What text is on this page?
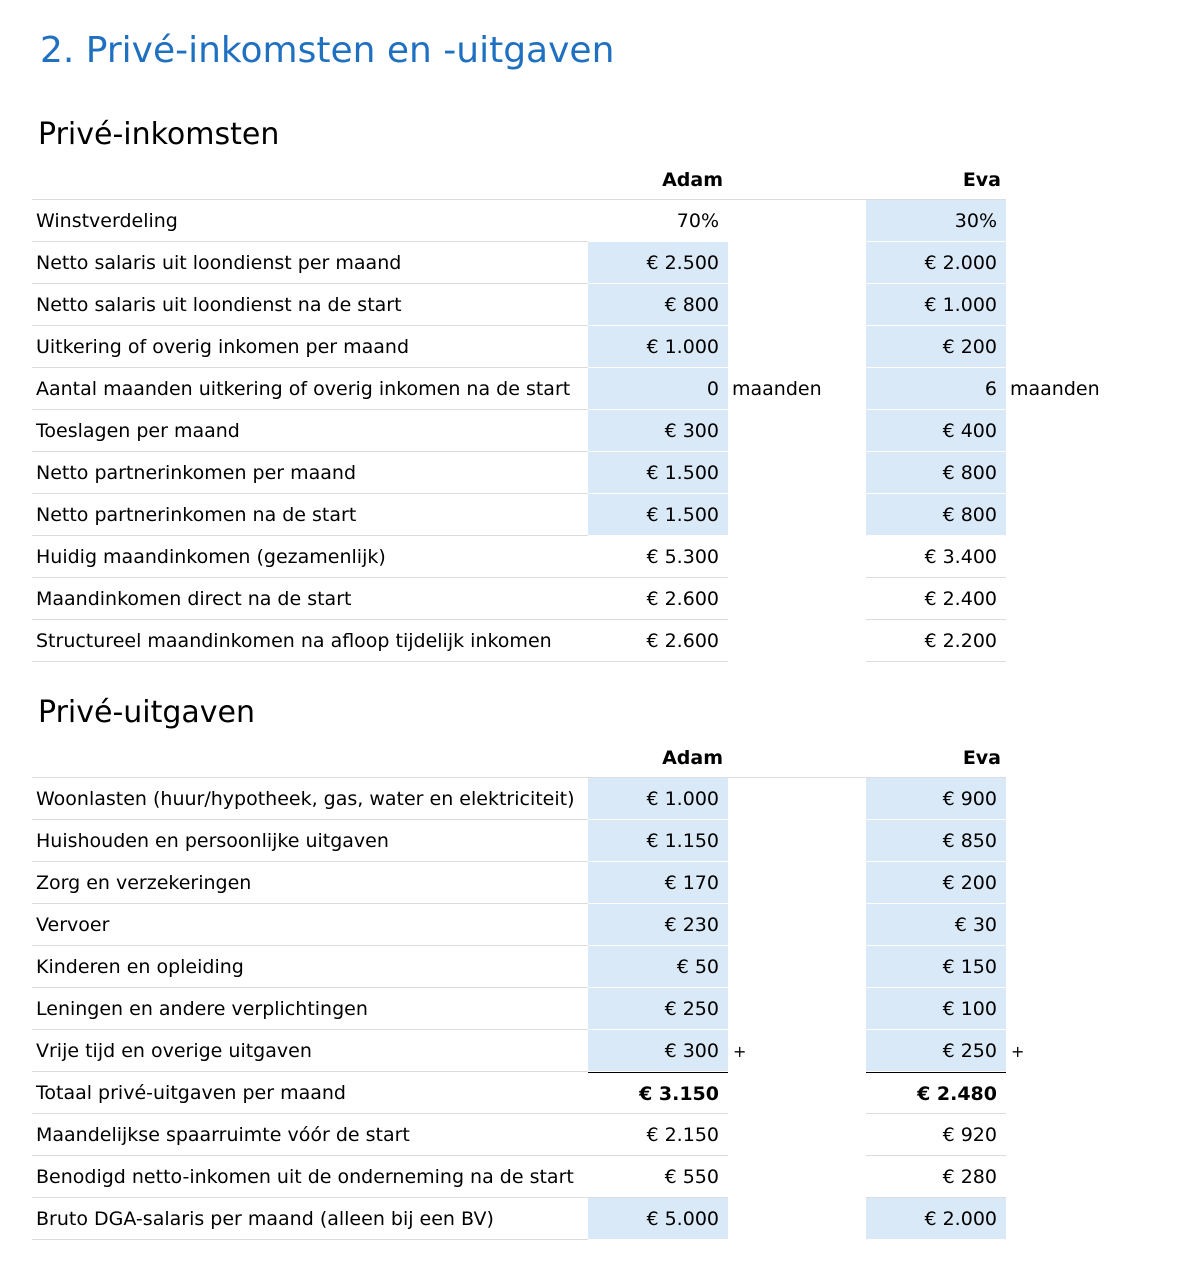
2. Privé-inkomsten en -uitgaven
Privé-inkomsten
Adam	Eva
Winstverdeling	70%	30%
Netto salaris uit loondienst per maand	€ 2.500	€ 2.000
Netto salaris uit loondienst na de start	€ 800	€ 1.000
Uitkering of overig inkomen per maand	€ 1.000	€ 200
Aantal maanden uitkering of overig inkomen na de start	0 maanden	6 maanden
Toeslagen per maand	€ 300	€ 400
Netto partnerinkomen per maand	€ 1.500	€ 800
Netto partnerinkomen na de start	€ 1.500	€ 800
Huidig maandinkomen (gezamenlijk)	€ 5.300	€ 3.400
Maandinkomen direct na de start	€ 2.600	€ 2.400
Structureel maandinkomen na afloop tijdelijk inkomen	€ 2.600	€ 2.200
Privé-uitgaven
Adam	Eva
Woonlasten (huur/hypotheek, gas, water en elektriciteit)	€ 1.000	€ 900
Huishouden en persoonlijke uitgaven	€ 1.150	€ 850
Zorg en verzekeringen	€ 170	€ 200
Vervoer	€ 230	€ 30
Kinderen en opleiding	€ 50	€ 150
Leningen en andere verplichtingen	€ 250	€ 100
Vrije tijd en overige uitgaven	€ 300 +	€ 250 +
Totaal privé-uitgaven per maand	€ 3.150	€ 2.480
Maandelijkse spaarruimte vóór de start	€ 2.150	€ 920
Benodigd netto-inkomen uit de onderneming na de start	€ 550	€ 280
Bruto DGA-salaris per maand (alleen bij een BV)	€ 5.000	€ 2.000
